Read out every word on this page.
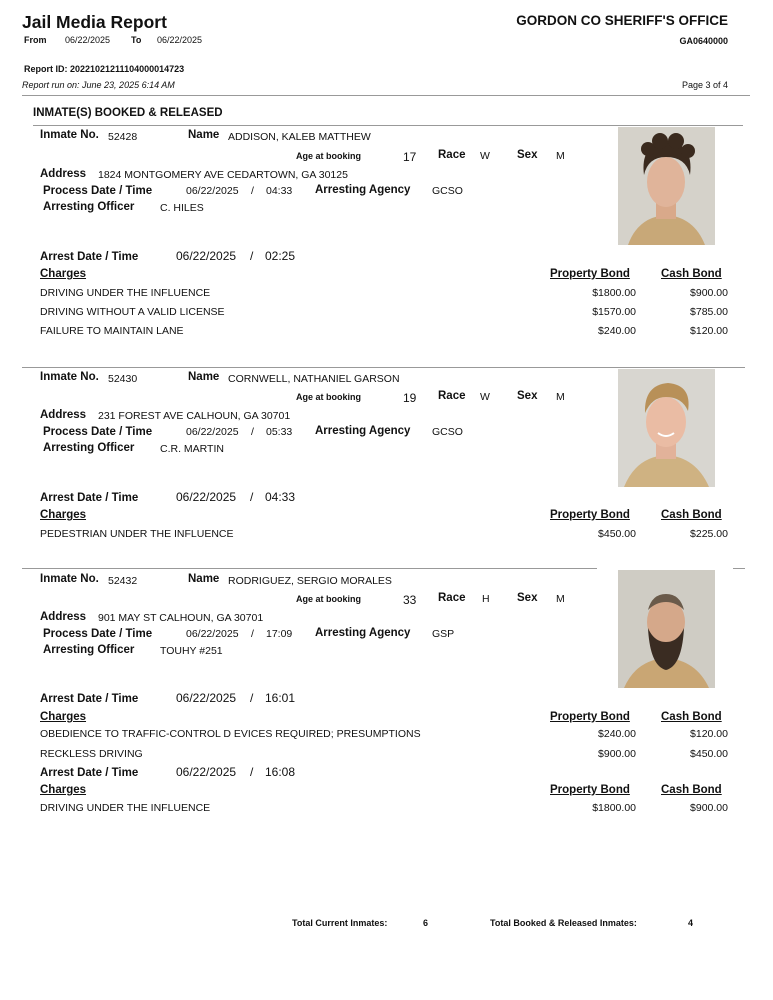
Jail Media Report	GORDON CO SHERIFF'S OFFICE
From 06/22/2025 To 06/22/2025	GA0640000
Report ID: 20221021211104000014723
Report run on: June 23, 2025 6:14 AM	Page 3 of 4
INMATE(S) BOOKED & RELEASED
Inmate No. 52428	Name ADDISON, KALEB MATTHEW
Age at booking	17 Race W Sex M
Address 1824 MONTGOMERY AVE CEDARTOWN, GA 30125
Process Date / Time	06/22/2025 / 04:33 Arresting Agency GCSO
Arresting Officer C. HILES
Arrest Date / Time	06/22/2025 / 02:25
Charges	Property Bond	Cash Bond
DRIVING UNDER THE INFLUENCE	$1800.00	$900.00
DRIVING WITHOUT A VALID LICENSE	$1570.00	$785.00
FAILURE TO MAINTAIN LANE	$240.00	$120.00
Inmate No. 52430	Name CORNWELL, NATHANIEL GARSON
Age at booking	19 Race W Sex M
Address 231 FOREST AVE CALHOUN, GA 30701
Process Date / Time	06/22/2025 / 05:33 Arresting Agency GCSO
Arresting Officer C.R. MARTIN
Arrest Date / Time	06/22/2025 / 04:33
Charges	Property Bond	Cash Bond
PEDESTRIAN UNDER THE INFLUENCE	$450.00	$225.00
Inmate No. 52432	Name RODRIGUEZ, SERGIO MORALES
Age at booking	33 Race H Sex M
Address 901 MAY ST CALHOUN, GA 30701
Process Date / Time	06/22/2025 / 17:09 Arresting Agency GSP
Arresting Officer TOUHY #251
Arrest Date / Time	06/22/2025 / 16:01
Charges	Property Bond	Cash Bond
OBEDIENCE TO TRAFFIC-CONTROL D EVICES REQUIRED; PRESUMPTIONS	$240.00	$120.00
RECKLESS DRIVING	$900.00	$450.00
Arrest Date / Time	06/22/2025 / 16:08
Charges	Property Bond	Cash Bond
DRIVING UNDER THE INFLUENCE	$1800.00	$900.00
Total Current Inmates:	6	Total Booked & Released Inmates:	4
